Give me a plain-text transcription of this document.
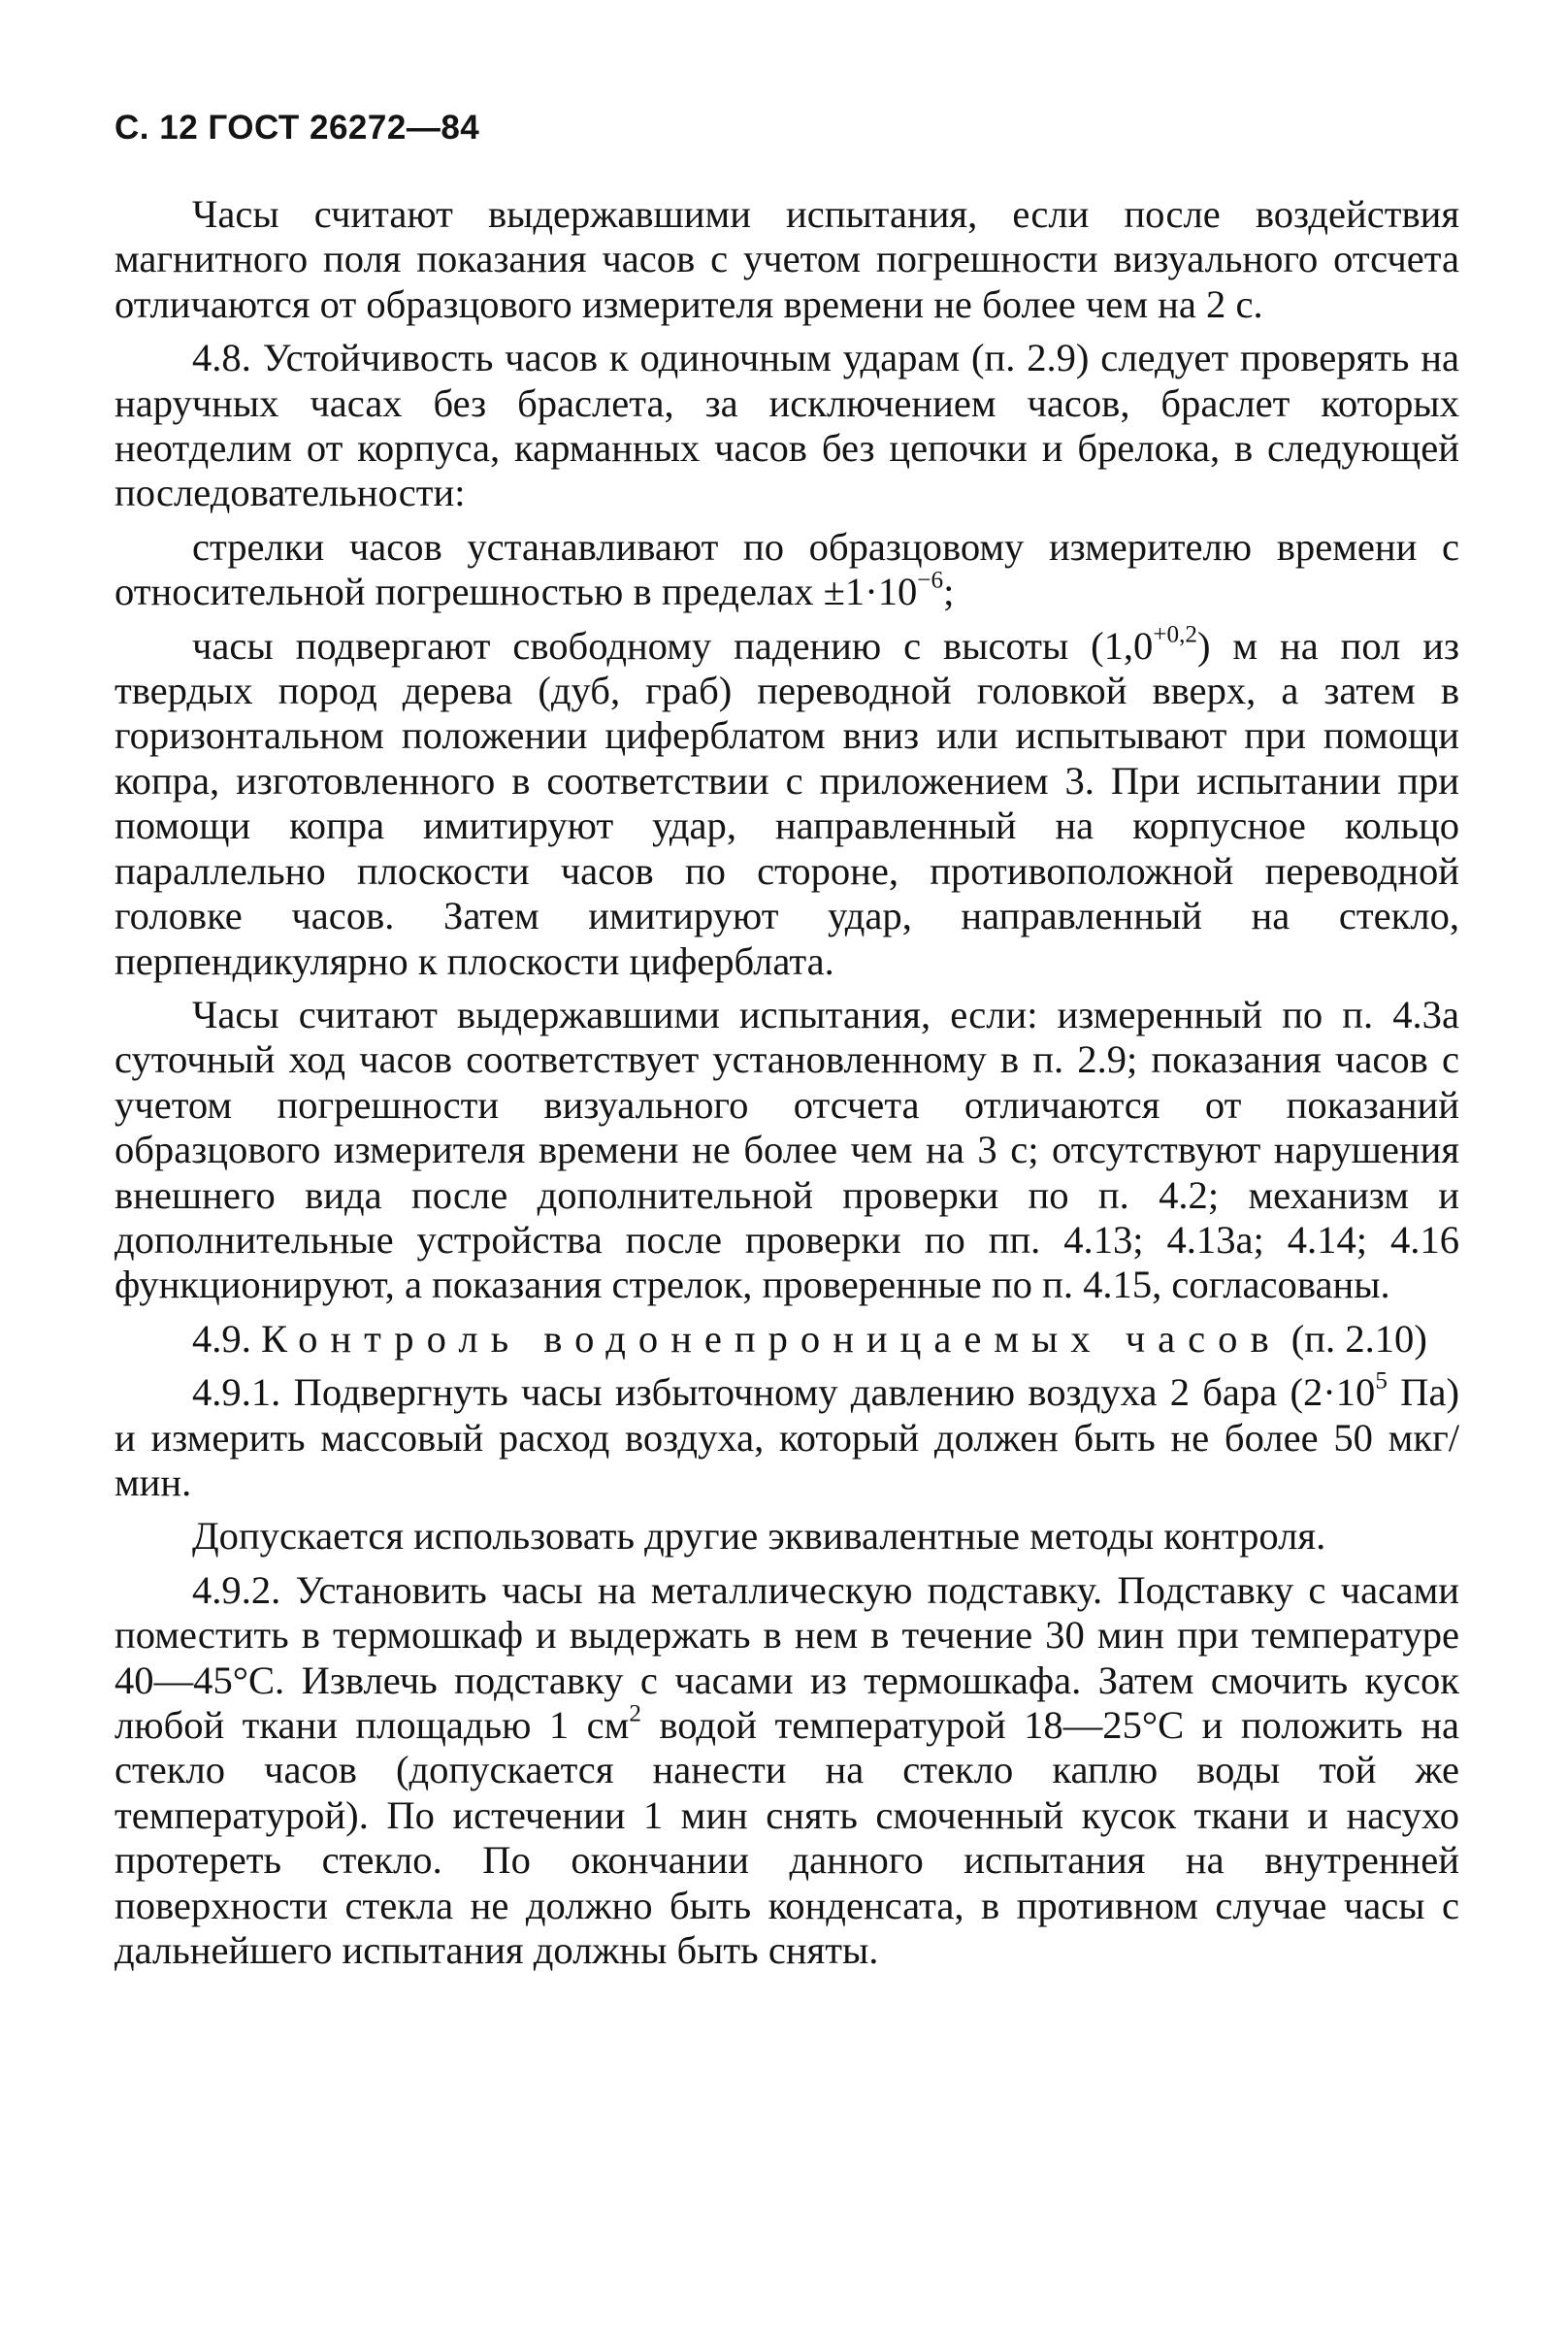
С. 12 ГОСТ 26272—84

Часы считают выдержавшими испытания, если после воздействия магнитного поля показания часов с учетом погрешности визуального отсчета отличаются от образцового измерителя времени не более чем на 2 с.

4.8. Устойчивость часов к одиночным ударам (п. 2.9) следует проверять на наручных часах без браслета, за исключением часов, браслет которых неотделим от корпуса, карманных часов без цепочки и брелока, в следующей последовательности:

стрелки часов устанавливают по образцовому измерителю времени с относительной погрешностью в пределах $\pm 1\cdot 10^{-6}$;

часы подвергают свободному падению с высоты $(1,0^{+0,2})$ м на пол из твердых пород дерева (дуб, граб) переводной головкой вверх, а затем в горизонтальном положении циферблатом вниз или испытывают при помощи копра, изготовленного в соответствии с приложением 3. При испытании при помощи копра имитируют удар, направленный на корпусное кольцо параллельно плоскости часов по стороне, противоположной переводной головке часов. Затем имитируют удар, направленный на стекло, перпендикулярно к плоскости циферблата.

Часы считают выдержавшими испытания, если: измеренный по п. 4.3а суточный ход часов соответствует установленному в п. 2.9; показания часов с учетом погрешности визуального отсчета отличаются от показаний образцового измерителя времени не более чем на 3 с; отсутствуют нарушения внешнего вида после дополнительной проверки по п. 4.2; механизм и дополнительные устройства после проверки по пп. 4.13; 4.13а; 4.14; 4.16 функционируют, а показания стрелок, проверенные по п. 4.15, согласованы.

4.9. Контроль водонепроницаемых часов (п. 2.10)

4.9.1. Подвергнуть часы избыточному давлению воздуха 2 бара ($2\cdot 10^5$ Па) и измерить массовый расход воздуха, который должен быть не более 50 мкг/мин.

Допускается использовать другие эквивалентные методы контроля.

4.9.2. Установить часы на металлическую подставку. Подставку с часами поместить в термошкаф и выдержать в нем в течение 30 мин при температуре 40—45°С. Извлечь подставку с часами из термошкафа. Затем смочить кусок любой ткани площадью 1 $см^2$ водой температурой 18—25°С и положить на стекло часов (допускается нанести на стекло каплю воды той же температурой). По истечении 1 мин снять смоченный кусок ткани и насухо протереть стекло. По окончании данного испытания на внутренней поверхности стекла не должно быть конденсата, в противном случае часы с дальнейшего испытания должны быть сняты.
